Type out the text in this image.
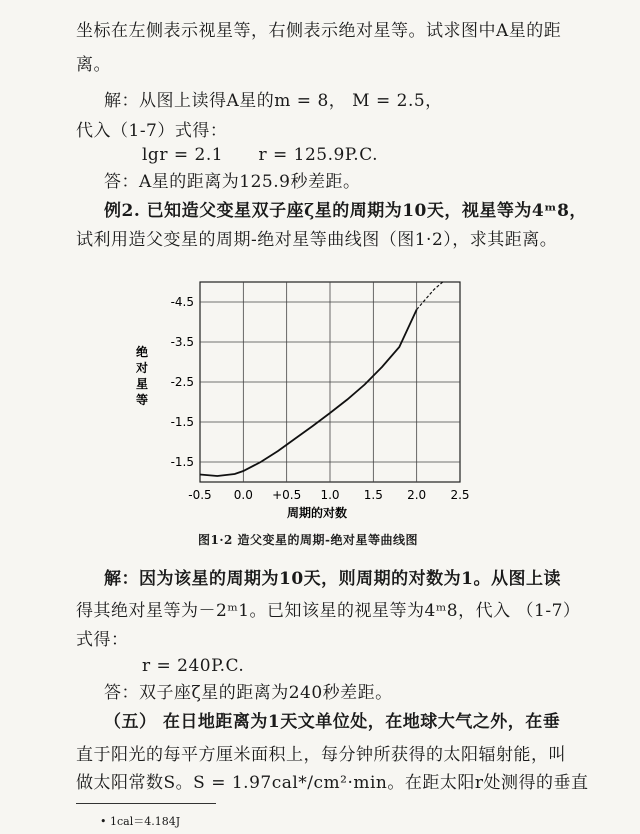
坐标在左侧表示视星等，右侧表示绝对星等。试求图中A星的距
离。
解：从图上读得A星的m = 8， M = 2.5，
代入（1-7）式得：
lgr = 2.1      r = 125.9P.C.
答：A星的距离为125.9秒差距。
例2. 已知造父变星双子座ζ星的周期为10天，视星等为4ᵐ8，
试利用造父变星的周期-绝对星等曲线图（图1·2），求其距离。
-0.5 0.0 +0.5 1.0 1.5 2.0 2.5
-4.5
-3.5
-2.5
-1.5
-1.5
绝对星等
周期的对数
图1·2 造父变星的周期-绝对星等曲线图
解：因为该星的周期为10天，则周期的对数为1。从图上读
得其绝对星等为－2ᵐ1。已知该星的视星等为4ᵐ8，代入 （1-7）
式得：
r = 240P.C.
答：双子座ζ星的距离为240秒差距。
（五） 在日地距离为1天文单位处，在地球大气之外，在垂
直于阳光的每平方厘米面积上，每分钟所获得的太阳辐射能，叫
做太阳常数S。S = 1.97cal*/cm²·min。在距太阳r处测得的垂直
• 1cal＝4.184J
